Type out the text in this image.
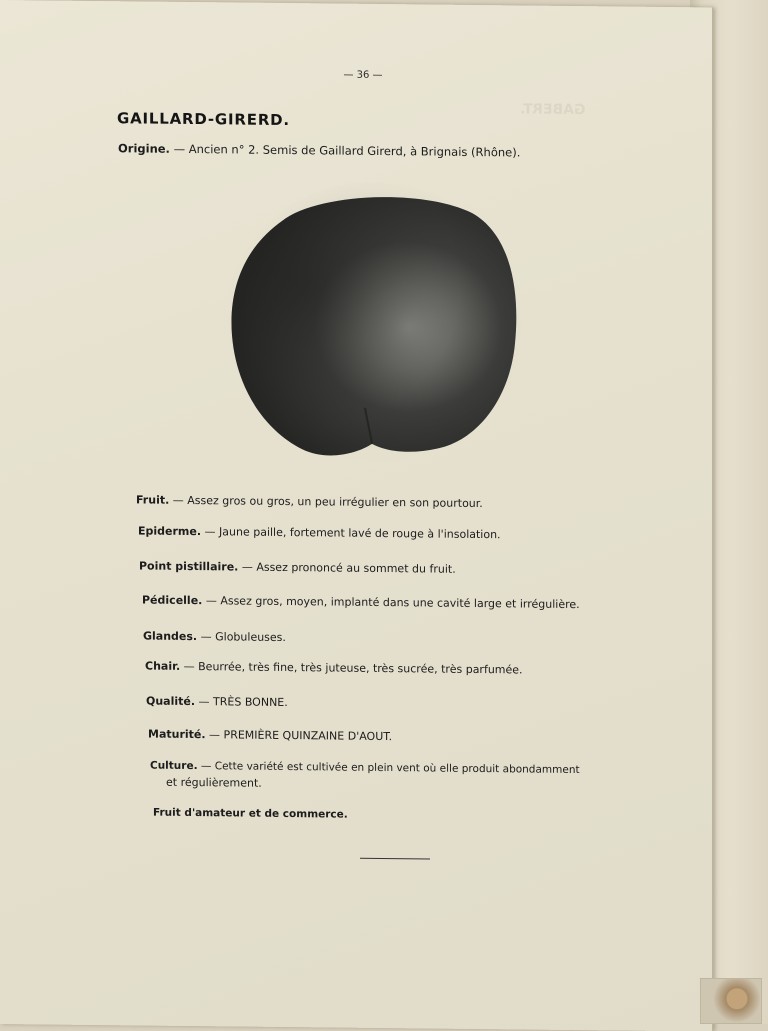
GABERT.
— 36 —
GAILLARD-GIRERD.
Origine. — Ancien n° 2. Semis de Gaillard Girerd, à Brignais (Rhône).
Fruit. — Assez gros ou gros, un peu irrégulier en son pourtour.
Epiderme. — Jaune paille, fortement lavé de rouge à l'insolation.
Point pistillaire. — Assez prononcé au sommet du fruit.
Pédicelle. — Assez gros, moyen, implanté dans une cavité large et irrégulière.
Glandes. — Globuleuses.
Chair. — Beurrée, très fine, très juteuse, très sucrée, très parfumée.
Qualité. — TRÈS BONNE.
Maturité. — PREMIÈRE QUINZAINE D'AOUT.
Culture. — Cette variété est cultivée en plein vent où elle produit abondamment
et régulièrement.
Fruit d'amateur et de commerce.
